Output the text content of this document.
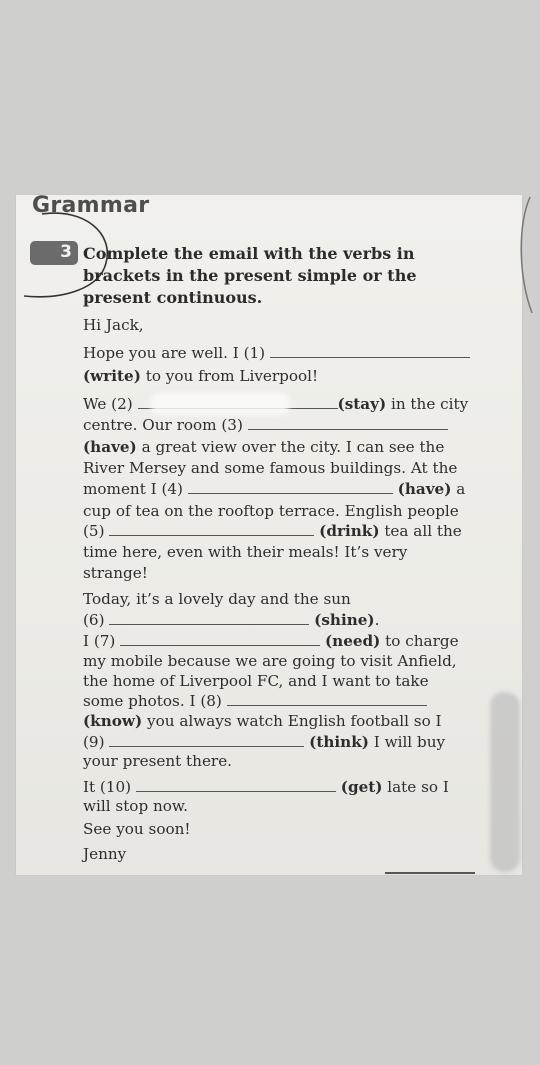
Grammar
3 Complete the email with the verbs in
brackets in the present simple or the
present continuous.
Hi Jack,
Hope you are well. I (1)
(write) to you from Liverpool!
We (2)	(stay) in the city
centre. Our room (3)
(have) a great view over the city. I can see the
River Mersey and some famous buildings. At the
moment I (4)	(have) a
cup of tea on the rooftop terrace. English people
(5)	(drink) tea all the
time here, even with their meals! It’s very
strange!
Today, it’s a lovely day and the sun
(6)	(shine).
I (7)	(need) to charge
my mobile because we are going to visit Anfield,
the home of Liverpool FC, and I want to take
some photos. I (8)
(know) you always watch English football so I
(9)	(think) I will buy
your present there.
It (10)	(get) late so I
will stop now.
See you soon!
Jenny
